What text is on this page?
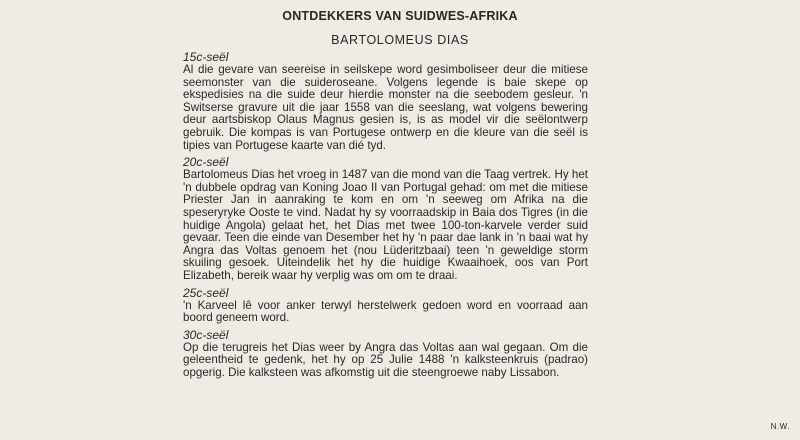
ONTDEKKERS VAN SUIDWES-AFRIKA
BARTOLOMEUS DIAS

15c-seël

Al die gevare van seereise in seilskepe word gesimboliseer deur die mitiese seemonster van die suideroseane. Volgens legende is baie skepe op ekspedisies na die suide deur hierdie monster na die seebodem gesleur. 'n Switserse gravure uit die jaar 1558 van die seeslang, wat volgens bewering deur aartsbiskop Olaus Magnus gesien is, is as model vir die seëlontwerp gebruik. Die kompas is van Portugese ontwerp en die kleure van die seël is tipies van Portugese kaarte van dié tyd.

20c-seël

Bartolomeus Dias het vroeg in 1487 van die mond van die Taag vertrek. Hy het 'n dubbele opdrag van Koning Joao II van Portugal gehad: om met die mitiese Priester Jan in aanraking te kom en om 'n seeweg om Afrika na die speseryryke Ooste te vind. Nadat hy sy voorraadskip in Baia dos Tigres (in die huidige Angola) gelaat het, het Dias met twee 100-ton-karvele verder suid gevaar. Teen die einde van Desember het hy 'n paar dae lank in 'n baai wat hy Angra das Voltas genoem het (nou Lüderitzbaai) teen 'n geweldige storm skuiling gesoek. Uiteindelik het hy die huidige Kwaaihoek, oos van Port Elizabeth, bereik waar hy verplig was om om te draai.

25c-seël

'n Karveel lê voor anker terwyl herstelwerk gedoen word en voorraad aan boord geneem word.

30c-seël

Op die terugreis het Dias weer by Angra das Voltas aan wal gegaan. Om die geleentheid te gedenk, het hy op 25 Julie 1488 'n kalksteenkruis (padrao) opgerig. Die kalksteen was afkomstig uit die steengroewe naby Lissabon.

N.W.
